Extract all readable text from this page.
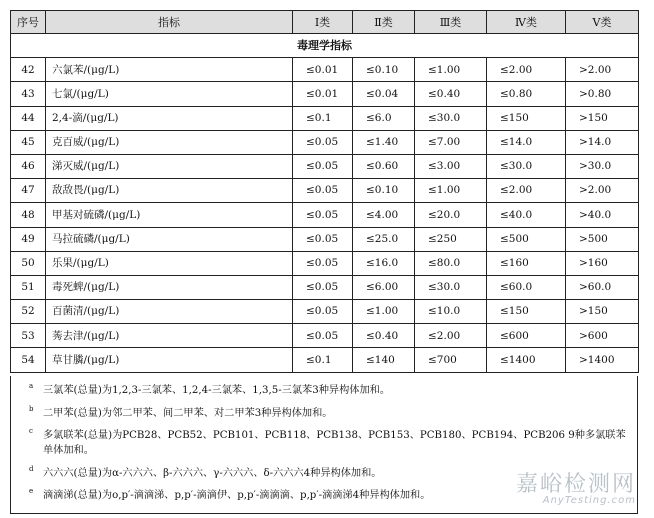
序号	指标	Ⅰ类	Ⅱ类	Ⅲ类	Ⅳ类	Ⅴ类
毒理学指标						
42	六氯苯/(μg/L)	≤0.01	≤0.10	≤1.00	≤2.00	>2.00
43	七氯/(μg/L)	≤0.01	≤0.04	≤0.40	≤0.80	>0.80
44	2,4-滴/(μg/L)	≤0.1	≤6.0	≤30.0	≤150	>150
45	克百威/(μg/L)	≤0.05	≤1.40	≤7.00	≤14.0	>14.0
46	涕灭威/(μg/L)	≤0.05	≤0.60	≤3.00	≤30.0	>30.0
47	敌敌畏/(μg/L)	≤0.05	≤0.10	≤1.00	≤2.00	>2.00
48	甲基对硫磷/(μg/L)	≤0.05	≤4.00	≤20.0	≤40.0	>40.0
49	马拉硫磷/(μg/L)	≤0.05	≤25.0	≤250	≤500	>500
50	乐果/(μg/L)	≤0.05	≤16.0	≤80.0	≤160	>160
51	毒死蜱/(μg/L)	≤0.05	≤6.00	≤30.0	≤60.0	>60.0
52	百菌清/(μg/L)	≤0.05	≤1.00	≤10.0	≤150	>150
53	莠去津/(μg/L)	≤0.05	≤0.40	≤2.00	≤600	>600
54	草甘膦/(μg/L)	≤0.1	≤140	≤700	≤1400	>1400
a 三氯苯(总量)为1,2,3-三氯苯、1,2,4-三氯苯、1,3,5-三氯苯3种异构体加和。
b 二甲苯(总量)为邻二甲苯、间二甲苯、对二甲苯3种异构体加和。
c 多氯联苯(总量)为PCB28、PCB52、PCB101、PCB118、PCB138、PCB153、PCB180、PCB194、PCB206 9种多氯联苯
单体加和。
d 六六六(总量)为α-六六六、β-六六六、γ-六六六、δ-六六六4种异构体加和。
e 滴滴涕(总量)为o,p′-滴滴涕、p,p′-滴滴伊、p,p′-滴滴滴、p,p′-滴滴涕4种异构体加和。	嘉峪检测网
AnyTesting.com
